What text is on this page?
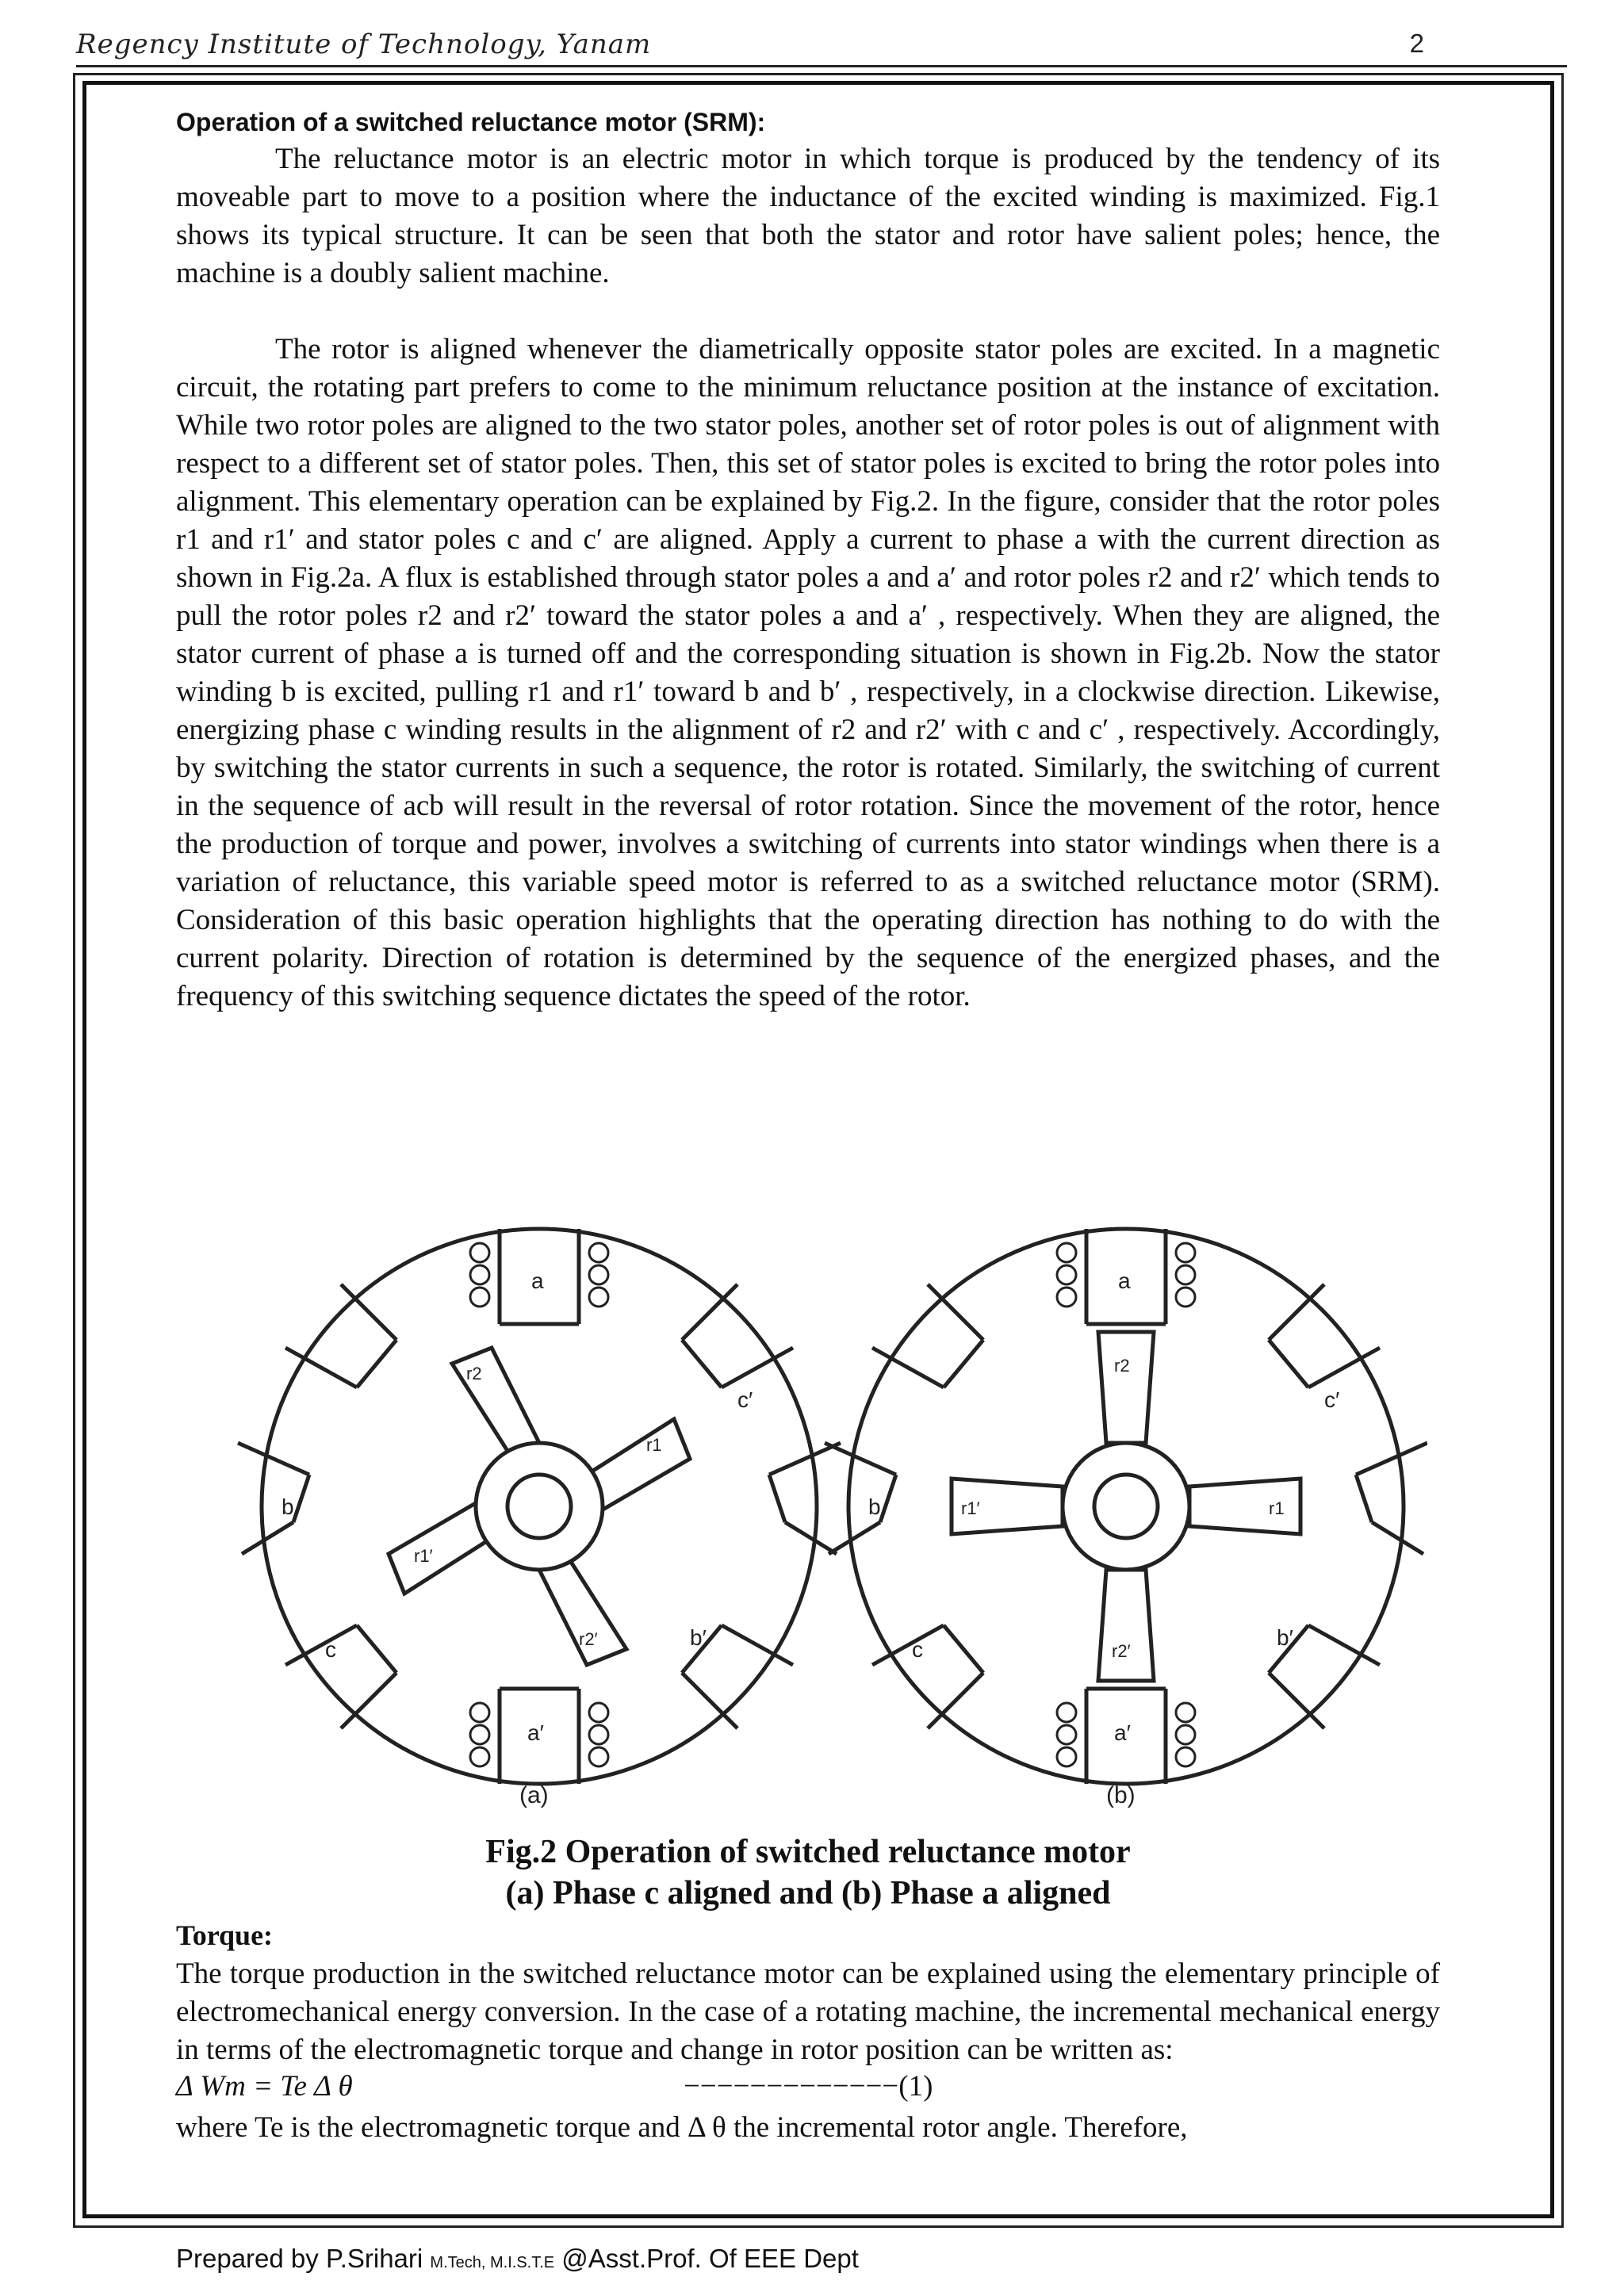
Regency Institute of Technology, Yanam	2

Operation of a switched reluctance motor (SRM):

The reluctance motor is an electric motor in which torque is produced by the tendency of its moveable part to move to a position where the inductance of the excited winding is maximized. Fig.1 shows its typical structure. It can be seen that both the stator and rotor have salient poles; hence, the machine is a doubly salient machine.

The rotor is aligned whenever the diametrically opposite stator poles are excited. In a magnetic circuit, the rotating part prefers to come to the minimum reluctance position at the instance of excitation. While two rotor poles are aligned to the two stator poles, another set of rotor poles is out of alignment with respect to a different set of stator poles. Then, this set of stator poles is excited to bring the rotor poles into alignment. This elementary operation can be explained by Fig.2. In the figure, consider that the rotor poles r1 and r1′ and stator poles c and c′ are aligned. Apply a current to phase a with the current direction as shown in Fig.2a. A flux is established through stator poles a and a′ and rotor poles r2 and r2′ which tends to pull the rotor poles r2 and r2′ toward the stator poles a and a′ , respectively. When they are aligned, the stator current of phase a is turned off and the corresponding situation is shown in Fig.2b. Now the stator winding b is excited, pulling r1 and r1′ toward b and b′ , respectively, in a clockwise direction. Likewise, energizing phase c winding results in the alignment of r2 and r2′ with c and c′ , respectively. Accordingly, by switching the stator currents in such a sequence, the rotor is rotated. Similarly, the switching of current in the sequence of acb will result in the reversal of rotor rotation. Since the movement of the rotor, hence the production of torque and power, involves a switching of currents into stator windings when there is a variation of reluctance, this variable speed motor is referred to as a switched reluctance motor (SRM). Consideration of this basic operation highlights that the operating direction has nothing to do with the current polarity. Direction of rotation is determined by the sequence of the energized phases, and the frequency of this switching sequence dictates the speed of the rotor.

a
a′
b
b′
c′
c
r1
r1′
r2
r2′
a
a′
b
b′
c′
c
r1
r1′
r2
r2′
(a)	(b)
Fig.2 Operation of switched reluctance motor
(a) Phase c aligned and (b) Phase a aligned

Torque:

The torque production in the switched reluctance motor can be explained using the elementary principle of electromechanical energy conversion. In the case of a rotating machine, the incremental mechanical energy in terms of the electromagnetic torque and change in rotor position can be written as:

Δ Wm = Te Δ θ	−−−−−−−−−−−−−(1)

where Te is the electromagnetic torque and Δ θ the incremental rotor angle. Therefore,

Prepared by P.Srihari M.Tech, M.I.S.T.E @Asst.Prof. Of EEE Dept
